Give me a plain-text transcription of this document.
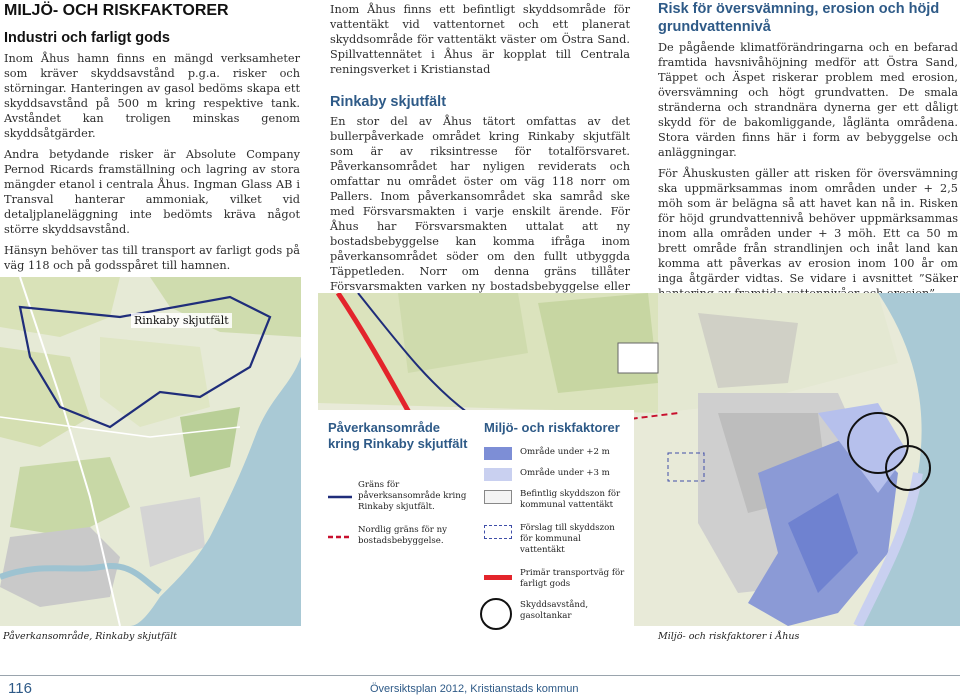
MILJÖ- OCH RISKFAKTORER
Industri och farligt gods

Inom Åhus hamn finns en mängd verksamheter som kräver skyddsavstånd p.g.a. risker och störningar. Hanteringen av gasol bedöms skapa ett skyddsavstånd på 500 m kring respektive tank. Avståndet kan troligen minskas genom skyddsåtgärder.

Andra betydande risker är Absolute Company Pernod Ricards framställning och lagring av stora mängder etanol i centrala Åhus. Ingman Glass AB i Transval hanterar ammoniak, vilket vid detaljplaneläggning inte bedömts kräva något större skyddsavstånd.

Hänsyn behöver tas till transport av farligt gods på väg 118 och på godsspåret till hamnen.

Rinkaby skjutfält
Påverkansområde, Rinkaby skjutfält
Inom Åhus finns ett befintligt skyddsområde för vattentäkt vid vattentornet och ett planerat skyddsområde för vattentäkt väster om Östra Sand. Spillvattennätet i Åhus är kopplat till Centrala reningsverket i Kristianstad
Rinkaby skjutfält
En stor del av Åhus tätort omfattas av det bullerpåverkade området kring Rinkaby skjutfält som är av riksintresse för totalförsvaret. Påverkansområdet har nyligen reviderats och omfattar nu området öster om väg 118 norr om Pallers. Inom påverkansområdet ska samråd ske med Försvarsmakten i varje enskilt ärende. För Åhus har Försvarsmakten uttalat att ny bostadsbebyggelse kan komma ifråga inom påverkansområdet söder om den fullt utbyggda Täppetleden. Norr om denna gräns tillåter Försvarsmakten varken ny bostadsbebyggelse eller
Risk för översvämning, erosion och höjd grundvattennivå

De pågående klimatförändringarna och en befarad framtida havsnivåhöjning medför att Östra Sand, Täppet och Äspet riskerar problem med erosion, översvämning och högt grundvatten. De smala stränderna och strandnära dynerna ger ett dåligt skydd för de bakomliggande, låglänta områdena. Stora värden finns här i form av bebyggelse och anläggningar.

För Åhuskusten gäller att risken för översvämning ska uppmärksammas inom områden under + 2,5 möh som är belägna så att havet kan nå in. Risken för höjd grundvattennivå behöver uppmärksammas inom alla områden under + 3 möh. Ett ca 50 m brett område från strandlinjen och inåt land kan komma att påverkas av erosion inom 100 år om inga åtgärder vidtas. Se vidare i avsnittet ”Säker

Påverkansområde kring Rinkaby skjutfält
Gräns för påverksansområde kring Rinkaby skjutfält.
Nordlig gräns för ny bostadsbebyggelse.
Miljö- och riskfaktorer
Område under +2 m
Område under +3 m
Befintlig skyddszon för kommunal vattentäkt
Förslag till skyddszon för kommunal vattentäkt
Primär transportväg för farligt gods
Skyddsavstånd, gasoltankar
Miljö- och riskfaktorer i Åhus
116	Översiktsplan 2012, Kristianstads kommun
